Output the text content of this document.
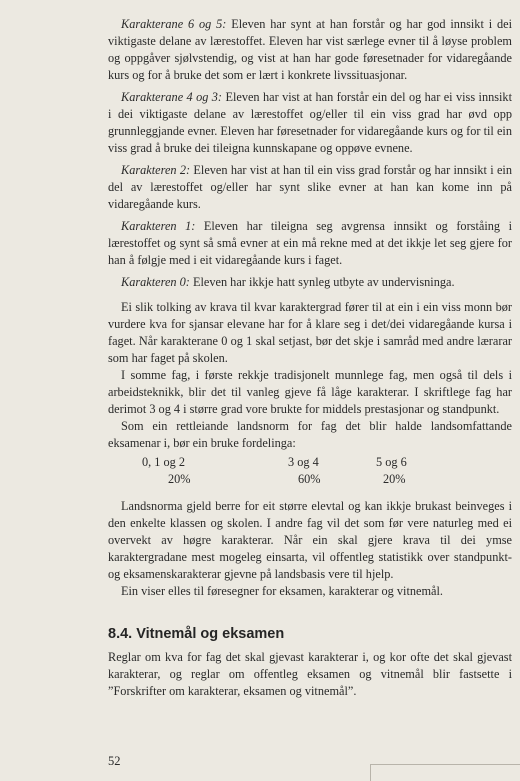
Karakterane 6 og 5: Eleven har synt at han forstår og har god innsikt i dei viktigaste delane av lærestoffet. Eleven har vist særlege evner til å løyse problem og oppgåver sjølvstendig, og vist at han har gode føresetnader for vidaregåande kurs og for å bruke det som er lært i konkrete livssituasjonar.

Karakterane 4 og 3: Eleven har vist at han forstår ein del og har ei viss innsikt i dei viktigaste delane av lærestoffet og/eller til ein viss grad har øvd opp grunnleggjande evner. Eleven har føresetnader for vidaregåande kurs og for til ein viss grad å bruke dei tileigna kunnskapane og oppøve evnene.

Karakteren 2: Eleven har vist at han til ein viss grad forstår og har innsikt i ein del av lærestoffet og/eller har synt slike evner at han kan kome inn på vidaregåande kurs.

Karakteren 1: Eleven har tileigna seg avgrensa innsikt og forståing i lærestoffet og synt så små evner at ein må rekne med at det ikkje let seg gjere for han å følgje med i eit vidaregåande kurs i faget.

Karakteren 0: Eleven har ikkje hatt synleg utbyte av undervisninga.

Ei slik tolking av krava til kvar karaktergrad fører til at ein i ein viss monn bør vurdere kva for sjansar elevane har for å klare seg i det/dei vidaregåande kursa i faget. Når karakterane 0 og 1 skal setjast, bør det skje i samråd med andre lærarar som har faget på skolen.

I somme fag, i første rekkje tradisjonelt munnlege fag, men også til dels i arbeidsteknikk, blir det til vanleg gjeve få låge karakterar. I skriftlege fag har derimot 3 og 4 i større grad vore brukte for middels prestasjonar og standpunkt.

Som ein rettleiande landsnorm for fag det blir halde landsomfattande eksamenar i, bør ein bruke fordelinga:

0, 1 og 2	3 og 4	5 og 6
20%	60%	20%

Landsnorma gjeld berre for eit større elevtal og kan ikkje brukast beinveges i den enkelte klassen og skolen. I andre fag vil det som før vere naturleg med ei overvekt av høgre karakterar. Når ein skal gjere krava til dei ymse karaktergradane mest mogeleg einsarta, vil offentleg statistikk over standpunkt- og eksamenskarakterar gjevne på landsbasis vere til hjelp.

Ein viser elles til føresegner for eksamen, karakterar og vitnemål.

8.4. Vitnemål og eksamen

Reglar om kva for fag det skal gjevast karakterar i, og kor ofte det skal gjevast karakterar, og reglar om offentleg eksamen og vitnemål blir fastsette i ”Forskrifter om karakterar, eksamen og vitnemål”.

52
